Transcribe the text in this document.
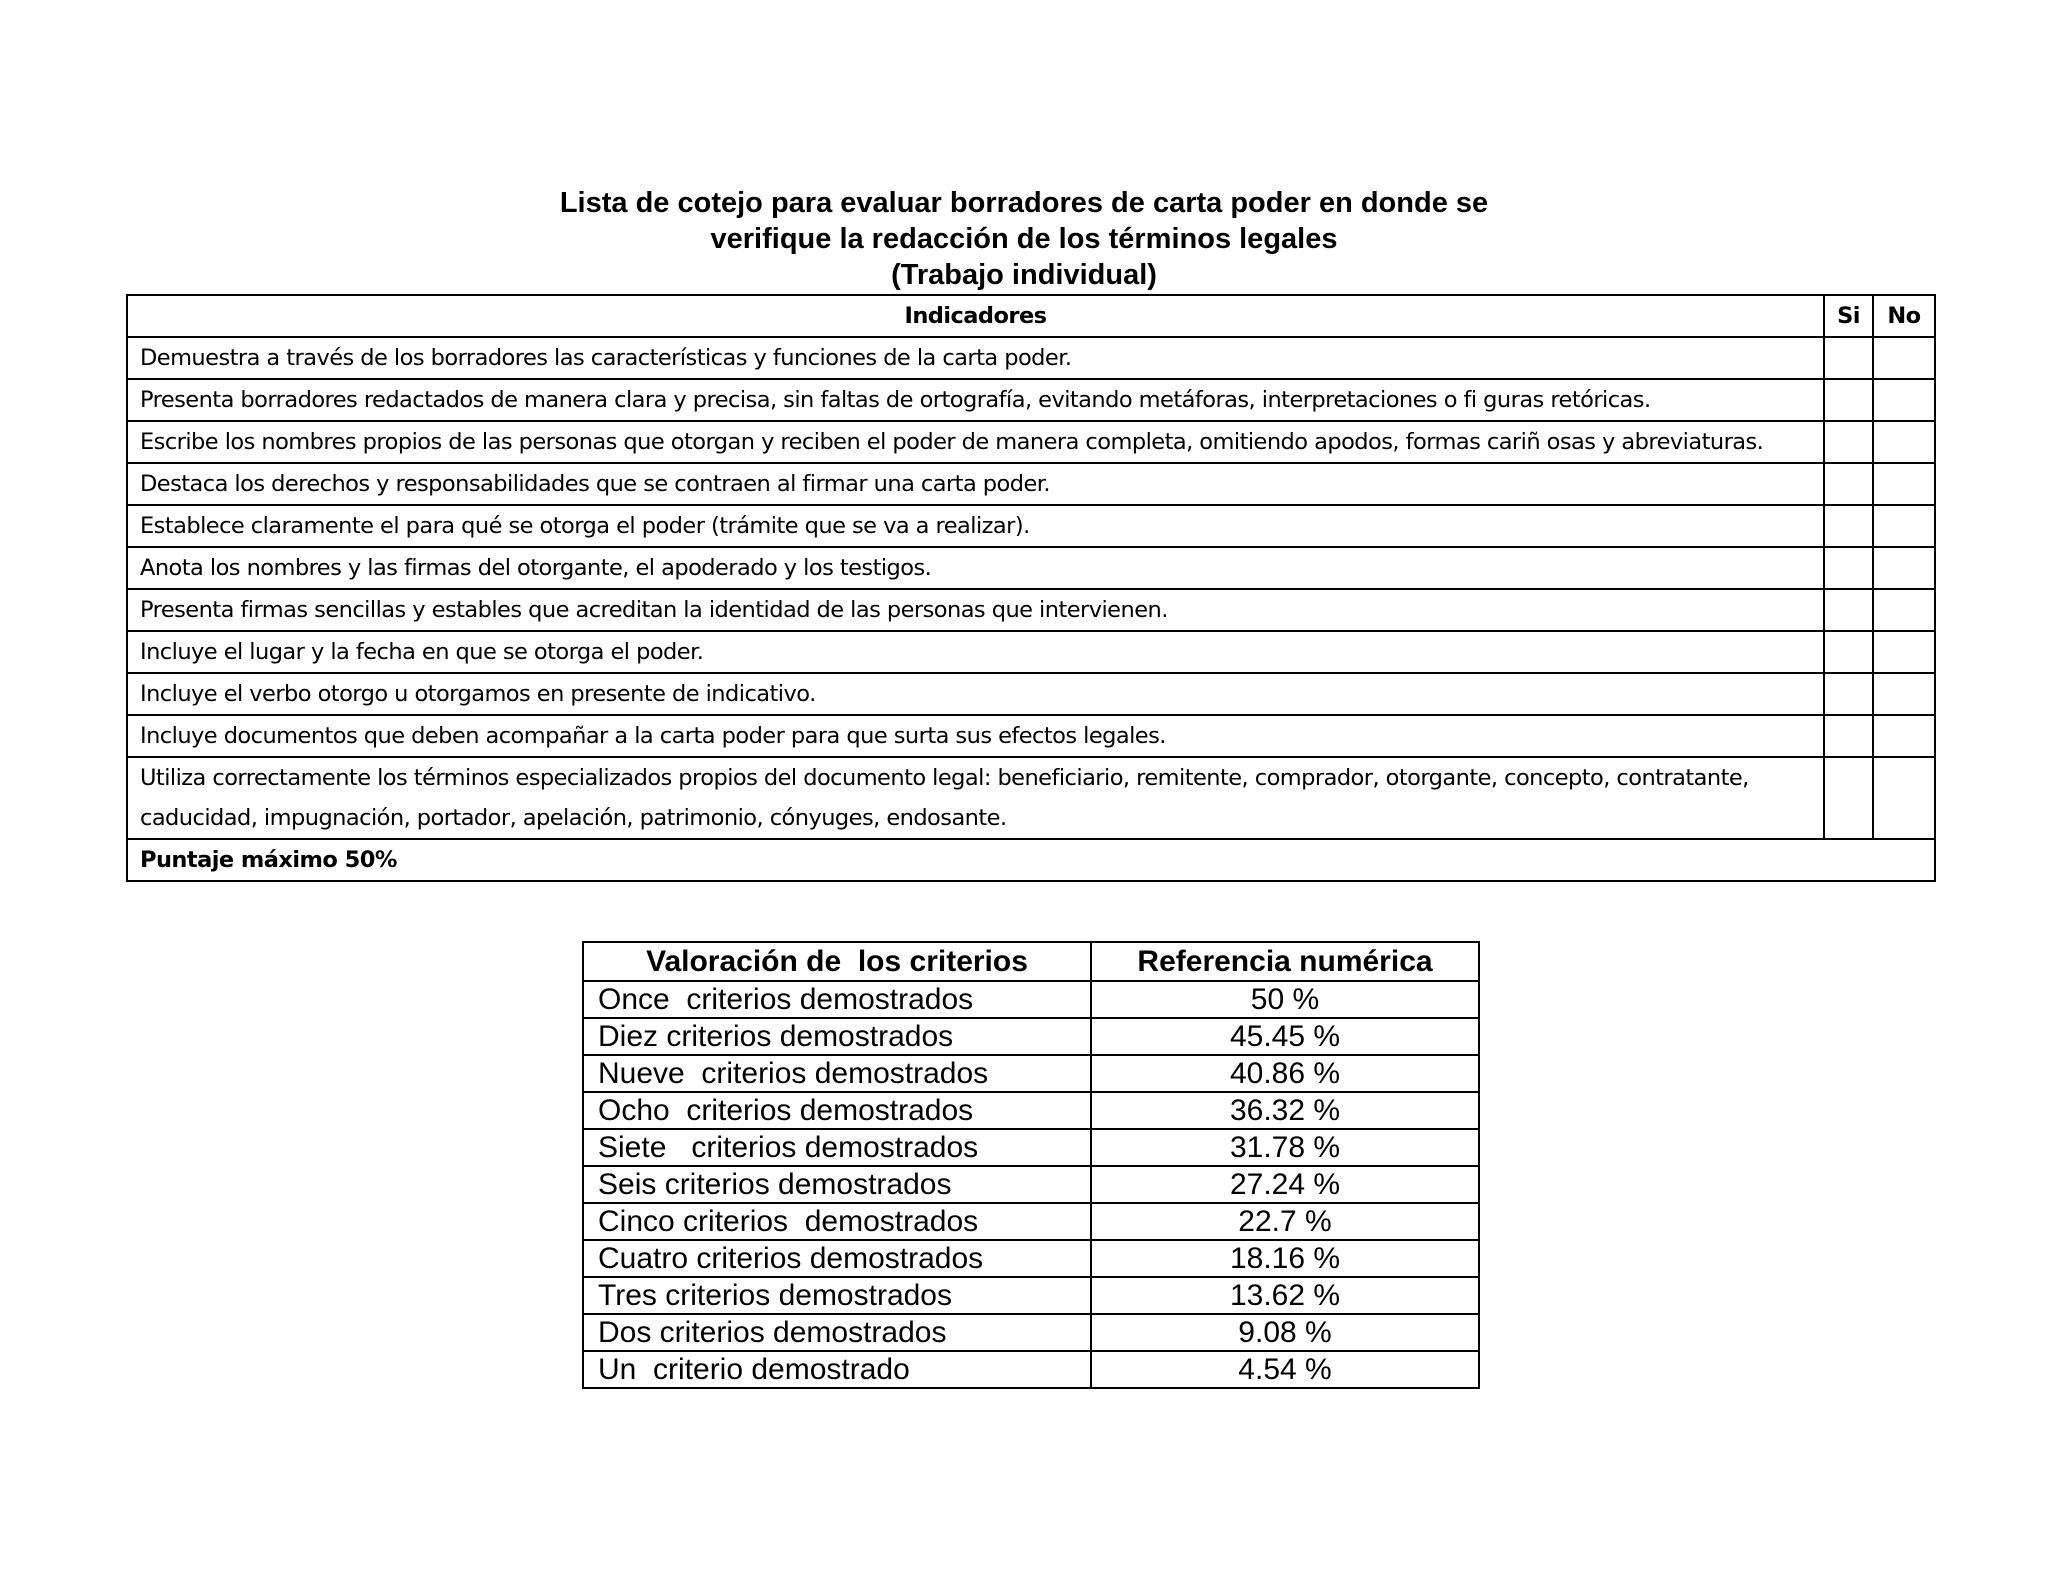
Lista de cotejo para evaluar borradores de carta poder en donde se
verifique la redacción de los términos legales
(Trabajo individual)
Indicadores	Si	No
Demuestra a través de los borradores las características y funciones de la carta poder.		
Presenta borradores redactados de manera clara y precisa, sin faltas de ortografía, evitando metáforas, interpretaciones o fi guras retóricas.		
Escribe los nombres propios de las personas que otorgan y reciben el poder de manera completa, omitiendo apodos, formas cariñ osas y abreviaturas.		
Destaca los derechos y responsabilidades que se contraen al firmar una carta poder.		
Establece claramente el para qué se otorga el poder (trámite que se va a realizar).		
Anota los nombres y las firmas del otorgante, el apoderado y los testigos.		
Presenta firmas sencillas y estables que acreditan la identidad de las personas que intervienen.		
Incluye el lugar y la fecha en que se otorga el poder.		
Incluye el verbo otorgo u otorgamos en presente de indicativo.		
Incluye documentos que deben acompañar a la carta poder para que surta sus efectos legales.		
Utiliza correctamente los términos especializados propios del documento legal: beneficiario, remitente, comprador, otorgante, concepto, contratante, caducidad, impugnación, portador, apelación, patrimonio, cónyuges, endosante.		
Puntaje máximo 50%		
Valoración de  los criterios	Referencia numérica
Once  criterios demostrados	50 %
Diez criterios demostrados	45.45 %
Nueve  criterios demostrados	40.86 %
Ocho  criterios demostrados	36.32 %
Siete   criterios demostrados	31.78 %
Seis criterios demostrados	27.24 %
Cinco criterios  demostrados	22.7 %
Cuatro criterios demostrados	18.16 %
Tres criterios demostrados	13.62 %
Dos criterios demostrados	9.08 %
Un  criterio demostrado	4.54 %
